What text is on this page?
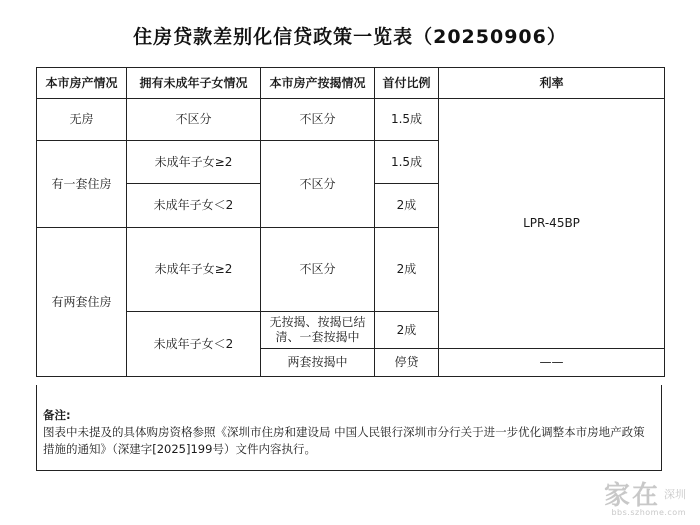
住房贷款差别化信贷政策一览表（20250906）
本市房产情况	拥有未成年子女情况	本市房产按揭情况	首付比例	利率
无房	不区分	不区分	1.5成	LPR-45BP
有一套住房	未成年子女≥2	不区分	1.5成	
	未成年子女＜2		2成	
有两套住房	未成年子女≥2	不区分	2成	
	未成年子女＜2	无按揭、按揭已结清、一套按揭中	2成	
		两套按揭中	停贷	——
备注:
图表中未提及的具体购房资格参照《深圳市住房和建设局 中国人民银行深圳市分行关于进一步优化调整本市房地产政策措施的通知》（深建字[2025]199号）文件内容执行。
家在 $^{深圳}$
bbs.szhome.com
